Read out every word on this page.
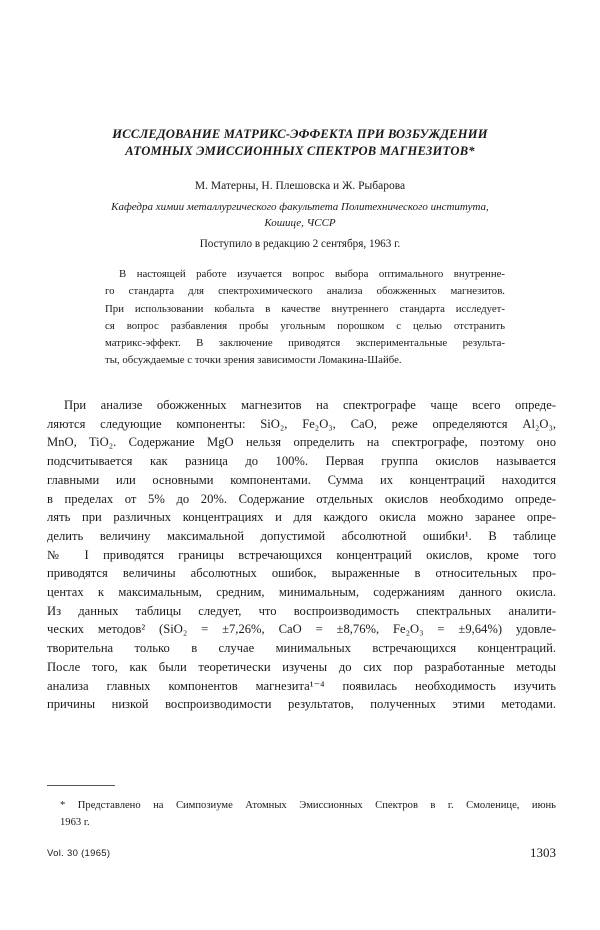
ИССЛЕДОВАНИЕ МАТРИКС-ЭФФЕКТА ПРИ ВОЗБУЖДЕНИИ
АТОМНЫХ ЭМИССИОННЫХ СПЕКТРОВ МАГНЕЗИТОВ*
М. Матерны, Н. Плешовска и Ж. Рыбарова
Кафедра химии металлургического факультета Политехнического института,
Кошице, ЧССР
Поступило в редакцию 2 сентября, 1963 г.
В настоящей работе изучается вопрос выбора оптимального внутренне-
го стандарта для спектрохимического анализа обожженных магнезитов.
При использовании кобальта в качестве внутреннего стандарта исследует-
ся вопрос разбавления пробы угольным порошком с целью отстранить
матрикс-эффект. В заключение приводятся экспериментальные результа-
ты, обсуждаемые с точки зрения зависимости Ломакина-Шайбе.
При анализе обожженных магнезитов на спектрографе чаще всего опреде-
ляются следующие компоненты: SiO₂, Fe₂O₃, CaO, реже определяются Al₂O₃,
MnO, TiO₂. Содержание MgO нельзя определить на спектрографе, поэтому оно
подсчитывается как разница до 100%. Первая группа окислов называется
главными или основными компонентами. Сумма их концентраций находится
в пределах от 5% до 20%. Содержание отдельных окислов необходимо опреде-
лять при различных концентрациях и для каждого окисла можно заранее опре-
делить величину максимальной допустимой абсолютной ошибки¹. В таблице
№ I приводятся границы встречающихся концентраций окислов, кроме того
приводятся величины абсолютных ошибок, выраженные в относительных про-
центах к максимальным, средним, минимальным, содержаниям данного окисла.
Из данных таблицы следует, что воспроизводимость спектральных аналити-
ческих методов² (SiO₂ = ±7,26%, CaO = ±8,76%, Fe₂O₃ = ±9,64%) удовле-
творительна только в случае минимальных встречающихся концентраций.
После того, как были теоретически изучены до сих пор разработанные методы
анализа главных компонентов магнезита¹⁻⁴ появилась необходимость изучить
причины низкой воспроизводимости результатов, полученных этими методами.
* Представлено на Симпозиуме Атомных Эмиссионных Спектров в г. Смоленице, июнь
1963 г.
Vol. 30 (1965)	1303
